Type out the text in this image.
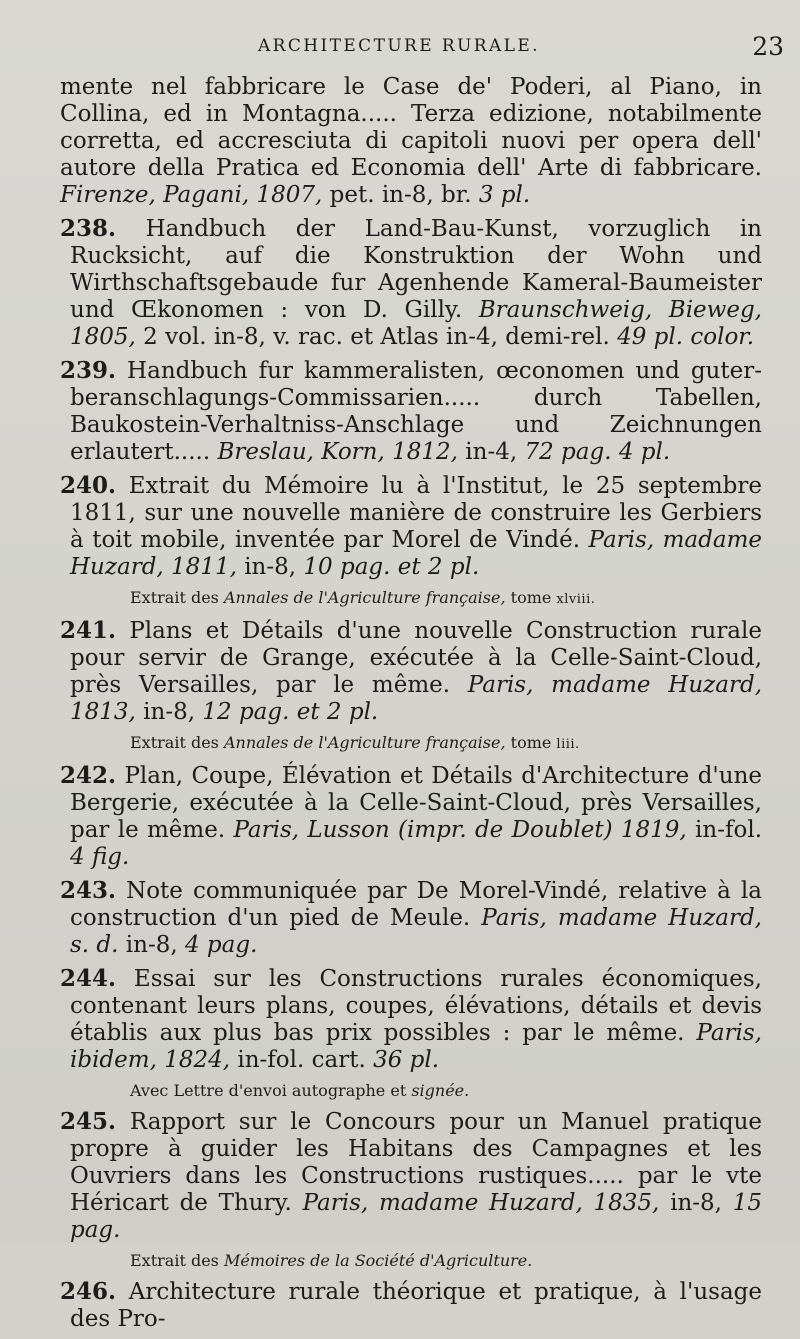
ARCHITECTURE RURALE.	23

mente nel fabbricare le Case de' Poderi, al Piano, in Collina, ed in Montagna..... Terza edizione, notabilmente corretta, ed accresciuta di capitoli nuovi per opera dell' autore della Pratica ed Economia dell' Arte di fabbricare. Firenze, Pagani, 1807, pet. in-8, br. 3 pl.

238. Handbuch der Land-Bau-Kunst, vorzuglich in Rucksicht, auf die Konstruktion der Wohn und Wirthschaftsgebaude fur Agenhende Kameral-Baumeister und Œkonomen : von D. Gilly. Braunschweig, Bieweg, 1805, 2 vol. in-8, v. rac. et Atlas in-4, demi-rel. 49 pl. color.

239. Handbuch fur kammeralisten, œconomen und guter-beranschlagungs-Commissarien..... durch Tabellen, Baukostein-Verhaltniss-Anschlage und Zeichnungen erlautert..... Breslau, Korn, 1812, in-4, 72 pag. 4 pl.

240. Extrait du Mémoire lu à l'Institut, le 25 septembre 1811, sur une nouvelle manière de construire les Gerbiers à toit mobile, inventée par Morel de Vindé. Paris, madame Huzard, 1811, in-8, 10 pag. et 2 pl.

Extrait des Annales de l'Agriculture française, tome xlviii.

241. Plans et Détails d'une nouvelle Construction rurale pour servir de Grange, exécutée à la Celle-Saint-Cloud, près Versailles, par le même. Paris, madame Huzard, 1813, in-8, 12 pag. et 2 pl.

Extrait des Annales de l'Agriculture française, tome liii.

242. Plan, Coupe, Élévation et Détails d'Architecture d'une Bergerie, exécutée à la Celle-Saint-Cloud, près Versailles, par le même. Paris, Lusson (impr. de Doublet) 1819, in-fol. 4 fig.

243. Note communiquée par De Morel-Vindé, relative à la construction d'un pied de Meule. Paris, madame Huzard, s. d. in-8, 4 pag.

244. Essai sur les Constructions rurales économiques, contenant leurs plans, coupes, élévations, détails et devis établis aux plus bas prix possibles : par le même. Paris, ibidem, 1824, in-fol. cart. 36 pl.

Avec Lettre d'envoi autographe et signée.

245. Rapport sur le Concours pour un Manuel pratique propre à guider les Habitans des Campagnes et les Ouvriers dans les Constructions rustiques..... par le vte Héricart de Thury. Paris, madame Huzard, 1835, in-8, 15 pag.

Extrait des Mémoires de la Société d'Agriculture.

246. Architecture rurale théorique et pratique, à l'usage des Pro-
